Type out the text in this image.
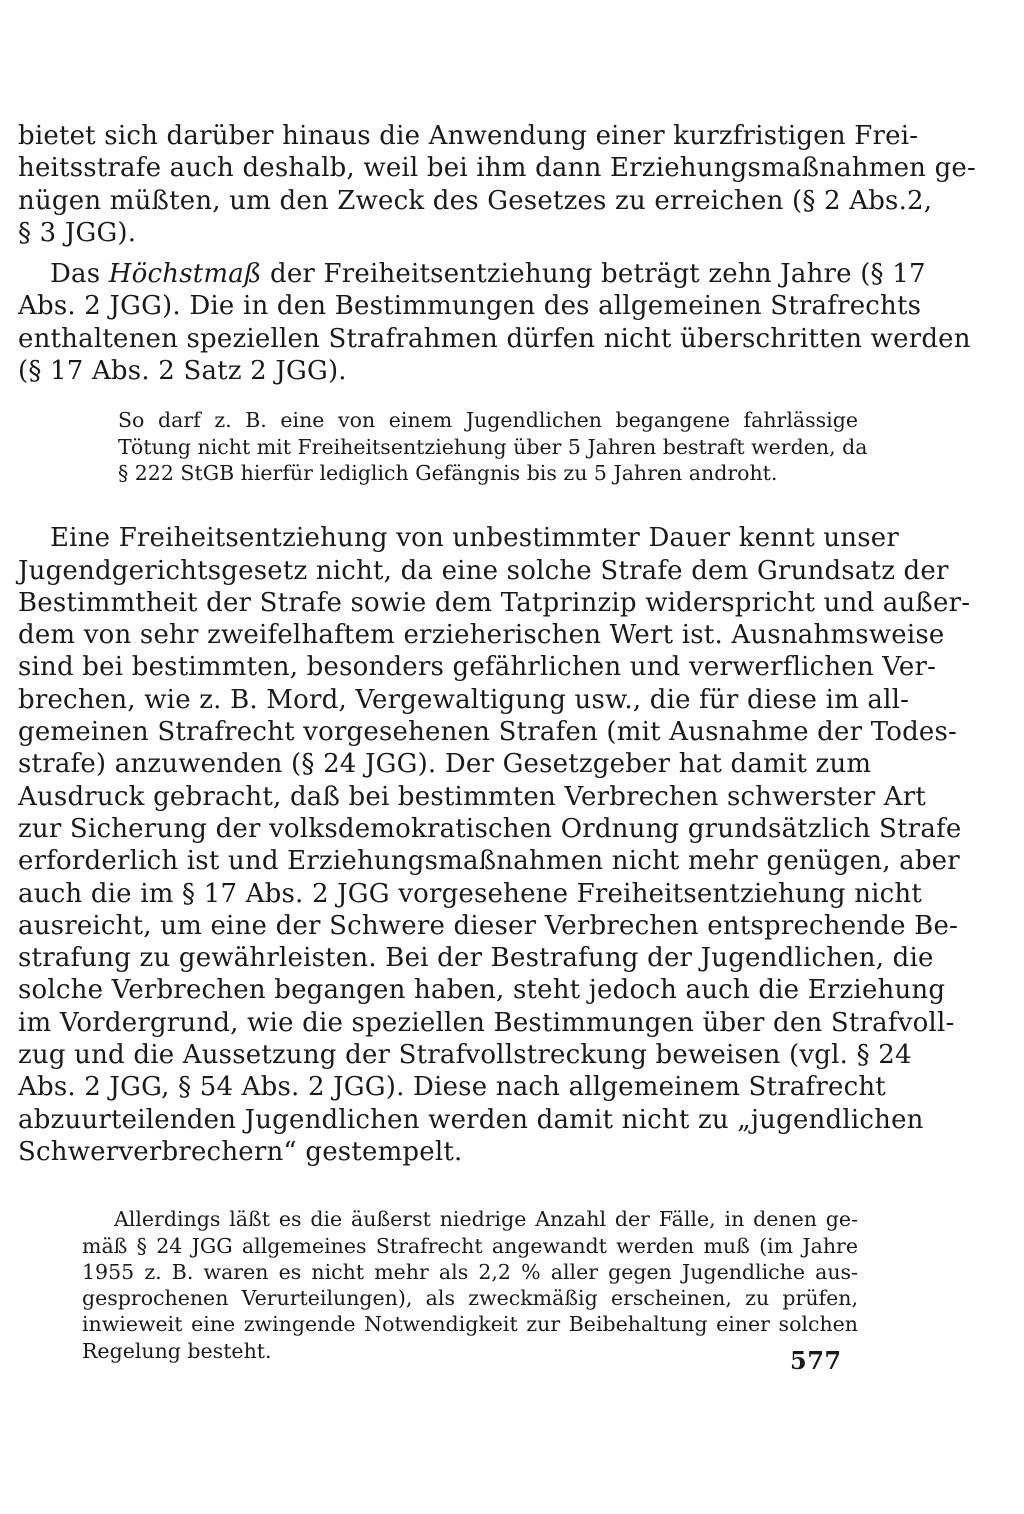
bietet sich darüber hinaus die Anwendung einer kurzfristigen Frei-
heitsstrafe auch deshalb, weil bei ihm dann Erziehungsmaßnahmen ge-
nügen müßten, um den Zweck des Gesetzes zu erreichen (§ 2 Abs.2,
§ 3 JGG).
Das Höchstmaß der Freiheitsentziehung beträgt zehn Jahre (§ 17
Abs. 2 JGG). Die in den Bestimmungen des allgemeinen Strafrechts
enthaltenen speziellen Strafrahmen dürfen nicht überschritten werden
(§ 17 Abs. 2 Satz 2 JGG).
So darf z. B. eine von einem Jugendlichen begangene fahrlässige
Tötung nicht mit Freiheitsentziehung über 5 Jahren bestraft werden, da
§ 222 StGB hierfür lediglich Gefängnis bis zu 5 Jahren androht.
Eine Freiheitsentziehung von unbestimmter Dauer kennt unser
Jugendgerichtsgesetz nicht, da eine solche Strafe dem Grundsatz der
Bestimmtheit der Strafe sowie dem Tatprinzip widerspricht und außer-
dem von sehr zweifelhaftem erzieherischen Wert ist. Ausnahmsweise
sind bei bestimmten, besonders gefährlichen und verwerflichen Ver-
brechen, wie z. B. Mord, Vergewaltigung usw., die für diese im all-
gemeinen Strafrecht vorgesehenen Strafen (mit Ausnahme der Todes-
strafe) anzuwenden (§ 24 JGG). Der Gesetzgeber hat damit zum
Ausdruck gebracht, daß bei bestimmten Verbrechen schwerster Art
zur Sicherung der volksdemokratischen Ordnung grundsätzlich Strafe
erforderlich ist und Erziehungsmaßnahmen nicht mehr genügen, aber
auch die im § 17 Abs. 2 JGG vorgesehene Freiheitsentziehung nicht
ausreicht, um eine der Schwere dieser Verbrechen entsprechende Be-
strafung zu gewährleisten. Bei der Bestrafung der Jugendlichen, die
solche Verbrechen begangen haben, steht jedoch auch die Erziehung
im Vordergrund, wie die speziellen Bestimmungen über den Strafvoll-
zug und die Aussetzung der Strafvollstreckung beweisen (vgl. § 24
Abs. 2 JGG, § 54 Abs. 2 JGG). Diese nach allgemeinem Strafrecht
abzuurteilenden Jugendlichen werden damit nicht zu „jugendlichen
Schwerverbrechern“ gestempelt.
Allerdings läßt es die äußerst niedrige Anzahl der Fälle, in denen ge-
mäß § 24 JGG allgemeines Strafrecht angewandt werden muß (im Jahre
1955 z. B. waren es nicht mehr als 2,2 % aller gegen Jugendliche aus-
gesprochenen Verurteilungen), als zweckmäßig erscheinen, zu prüfen,
inwieweit eine zwingende Notwendigkeit zur Beibehaltung einer solchen
Regelung besteht.	577
